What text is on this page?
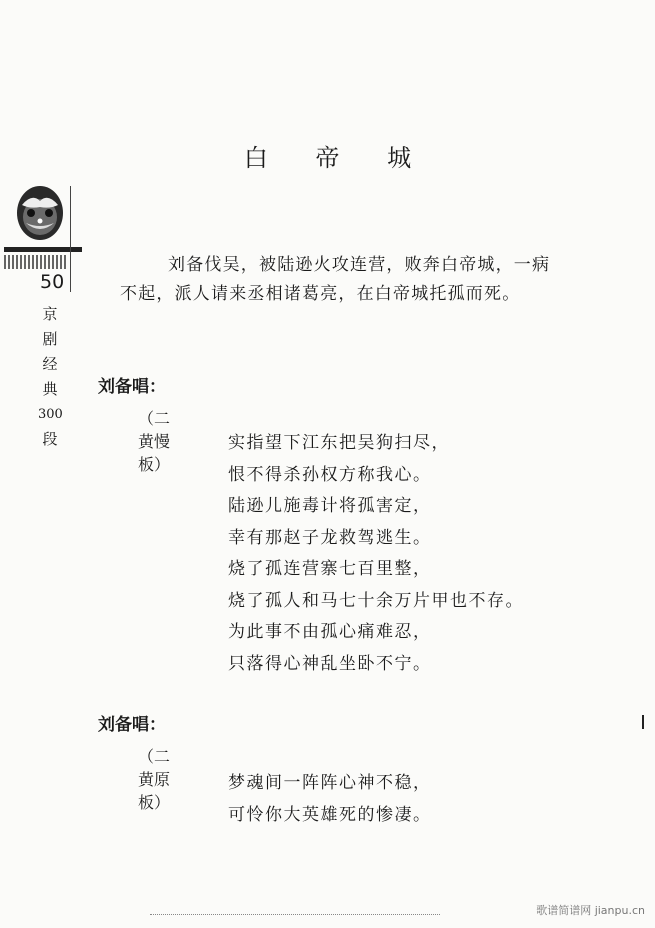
50
京
剧
经
典
300
段
白 帝 城
刘备伐吴，被陆逊火攻连营，败奔白帝城，一病不起，派人请来丞相诸葛亮，在白帝城托孤而死。
刘备唱：
（二黄慢板）
实指望下江东把吴狗扫尽，
恨不得杀孙权方称我心。
陆逊儿施毒计将孤害定，
幸有那赵子龙救驾逃生。
烧了孤连营寨七百里整，
烧了孤人和马七十余万片甲也不存。
为此事不由孤心痛难忍，
只落得心神乱坐卧不宁。
刘备唱：
（二黄原板）
梦魂间一阵阵心神不稳，
可怜你大英雄死的惨凄。
歌谱简谱网 jianpu.cn
